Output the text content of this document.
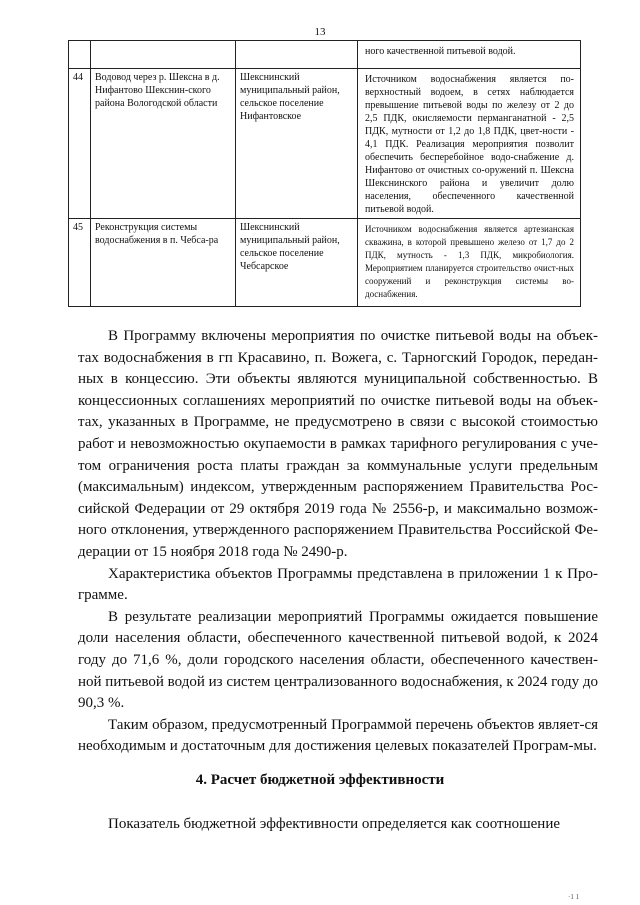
13
			ного качественной питьевой водой.
44	Водовод через р. Шексна в д. Нифантово Шекснин-ского района Вологодской области	Шекснинский муниципальный район, сельское поселение Нифантовское	Источником водоснабжения является по-верхностный водоем, в сетях наблюдается превышение питьевой воды по железу от 2 до 2,5 ПДК, окисляемости перманганатной - 2,5 ПДК, мутности от 1,2 до 1,8 ПДК, цвет-ности - 4,1 ПДК. Реализация мероприятия позволит обеспечить бесперебойное водо-снабжение д. Нифантово от очистных со-оружений п. Шексна Шекснинского района и увеличит долю населения, обеспеченного качественной питьевой водой.
45	Реконструкция системы водоснабжения в п. Чебса-ра	Шекснинский муниципальный район, сельское поселение Чебсарское	Источником водоснабжения является артезианская скважина, в которой превышено железо от 1,7 до 2 ПДК, мутность - 1,3 ПДК, микробиология. Мероприятием планируется строительство очист-ных сооружений и реконструкция системы во-доснабжения.

В Программу включены мероприятия по очистке питьевой воды на объек-тах водоснабжения в гп Красавино, п. Вожега, с. Тарногский Городок, передан-ных в концессию. Эти объекты являются муниципальной собственностью. В концессионных соглашениях мероприятий по очистке питьевой воды на объек-тах, указанных в Программе, не предусмотрено в связи с высокой стоимостью работ и невозможностью окупаемости в рамках тарифного регулирования с уче-том ограничения роста платы граждан за коммунальные услуги предельным (максимальным) индексом, утвержденным распоряжением Правительства Рос-сийской Федерации от 29 октября 2019 года № 2556-р, и максимально возмож-ного отклонения, утвержденного распоряжением Правительства Российской Фе-дерации от 15 ноября 2018 года № 2490-р.

Характеристика объектов Программы представлена в приложении 1 к Про-грамме.

В результате реализации мероприятий Программы ожидается повышение доли населения области, обеспеченного качественной питьевой водой, к 2024 году до 71,6 %, доли городского населения области, обеспеченного качествен-ной питьевой водой из систем централизованного водоснабжения, к 2024 году до 90,3 %.

Таким образом, предусмотренный Программой перечень объектов являет-ся необходимым и достаточным для достижения целевых показателей Програм-мы.

4. Расчет бюджетной эффективности

Показатель бюджетной эффективности определяется как соотношение

·1 1
